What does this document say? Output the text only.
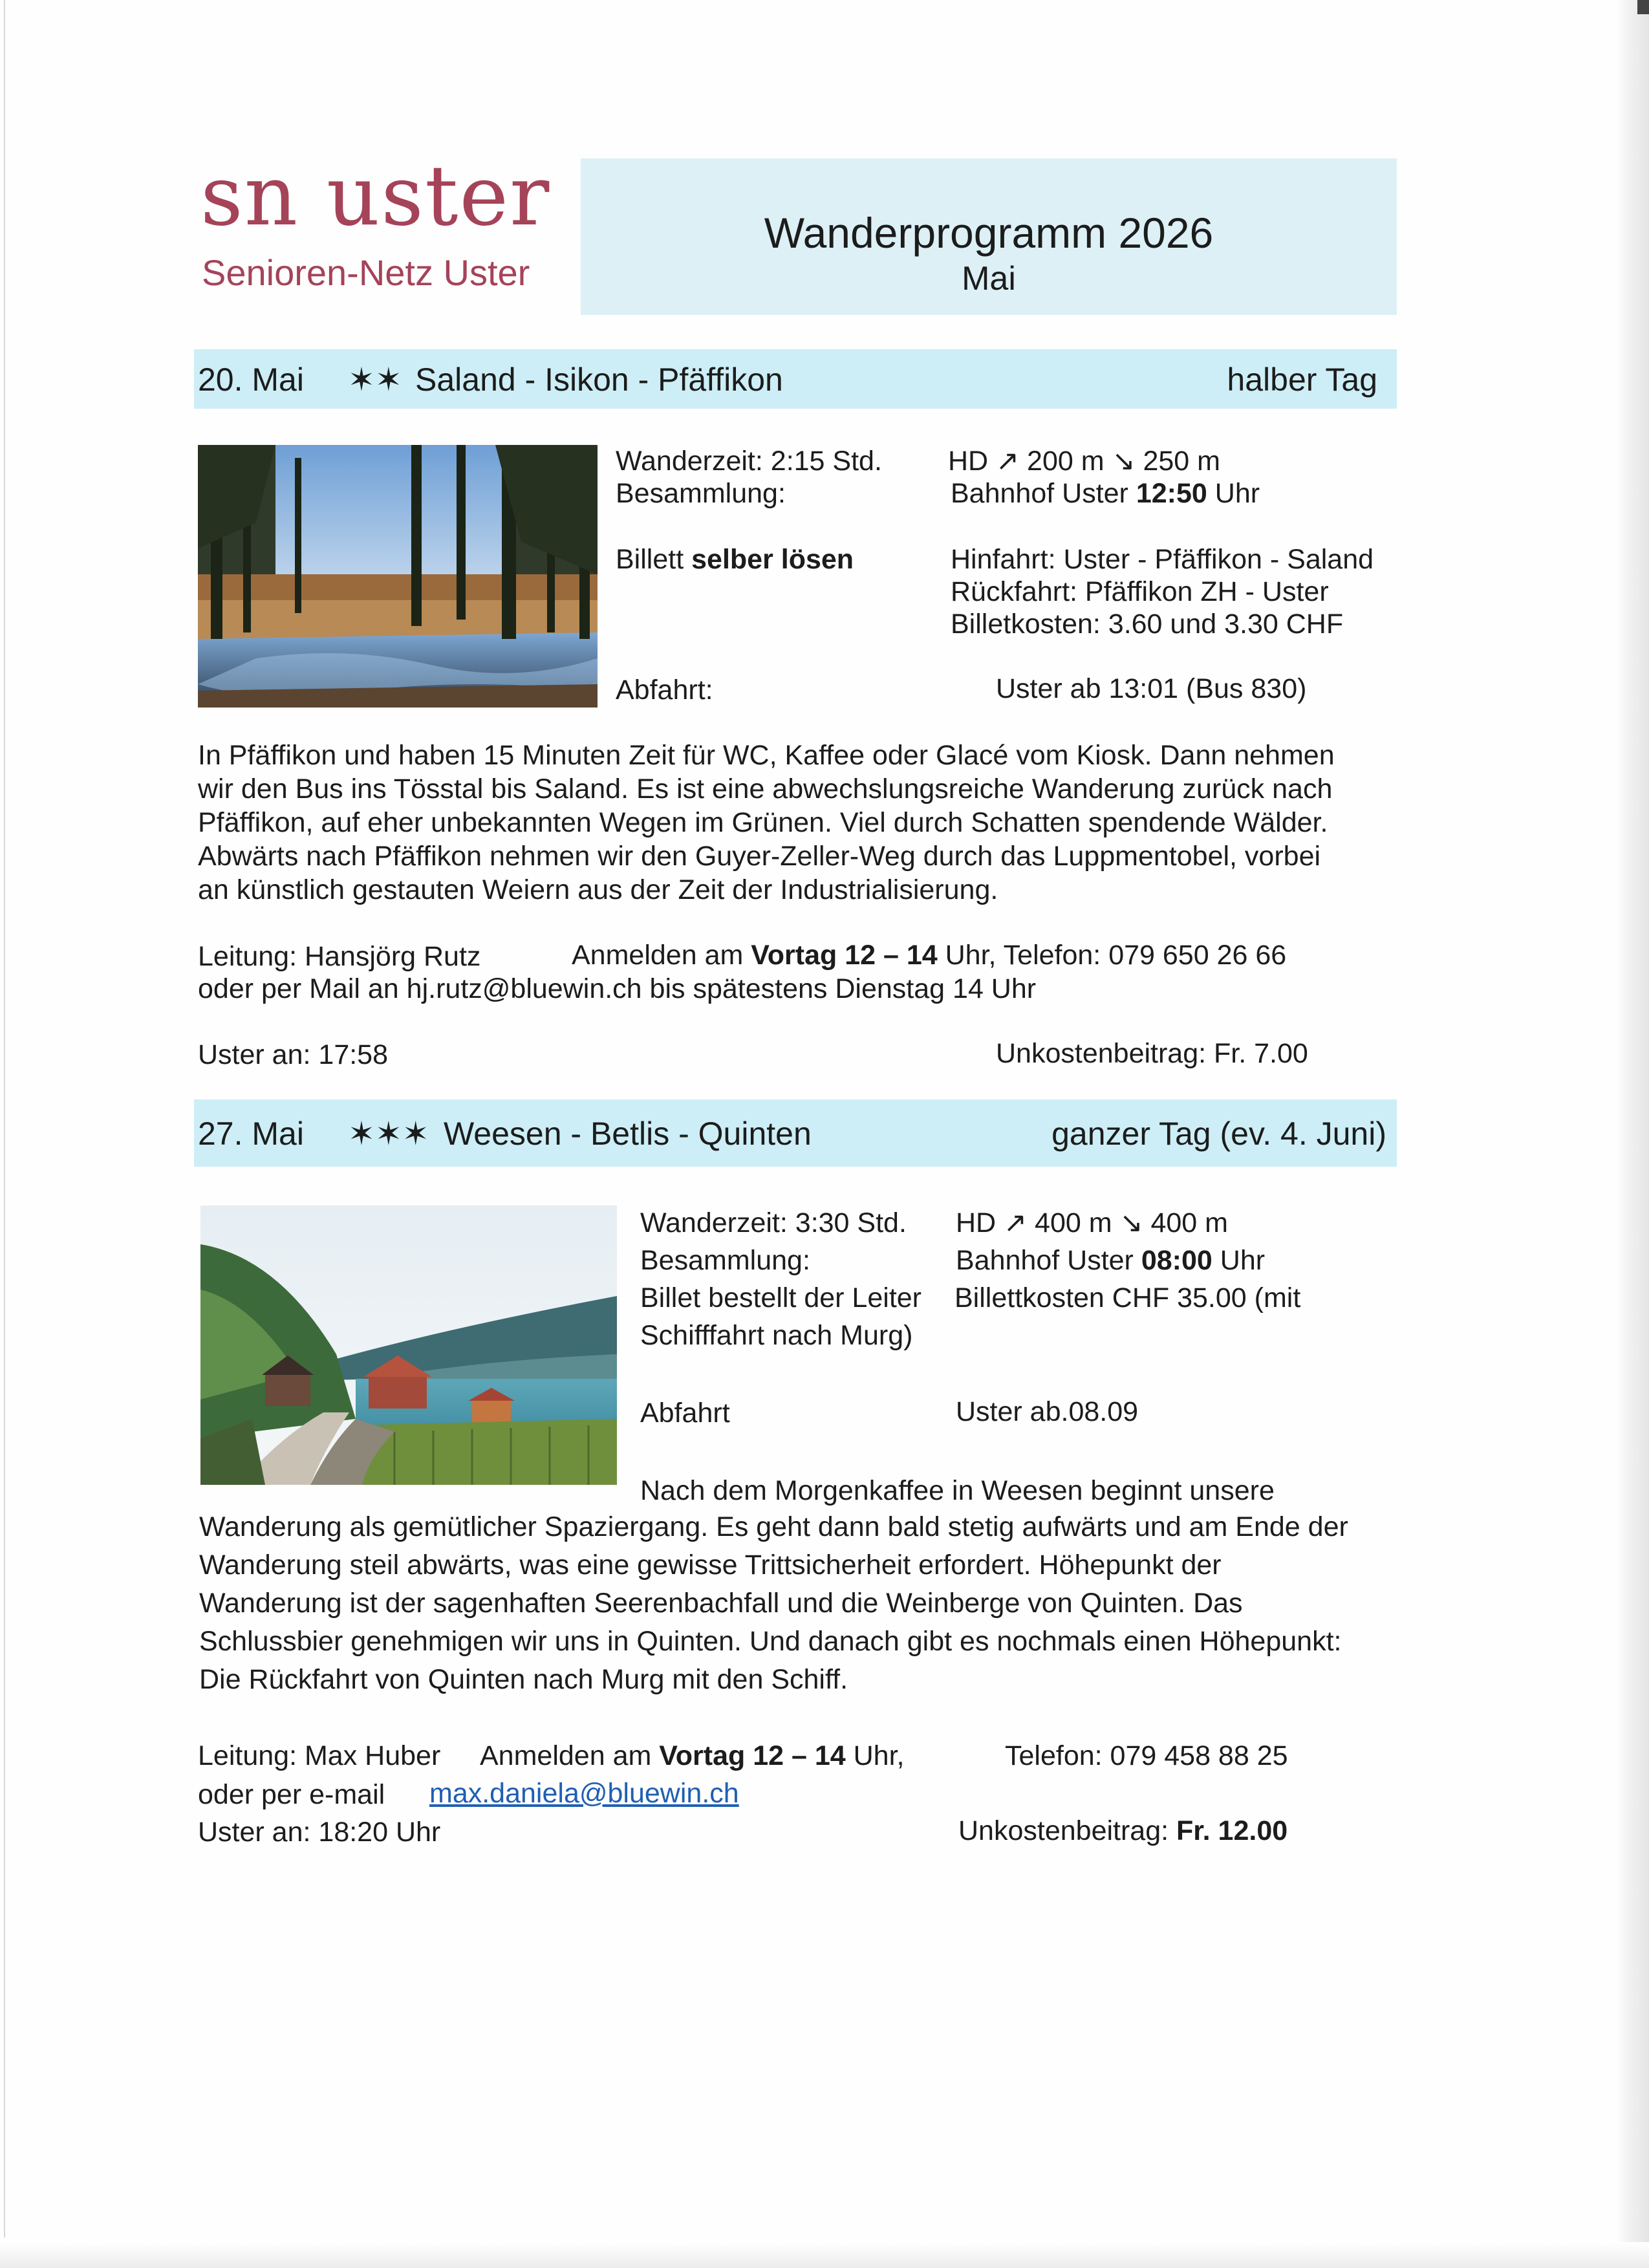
sn uster
Senioren-Netz Uster
Wanderprogramm 2026
Mai
20. Mai ✶✶ Saland - Isikon - Pfäffikon	halber Tag
Wanderzeit: 2:15 Std. HD ↗ 200 m ↘ 250 m
Besammlung:	Bahnhof Uster 12:50 Uhr
Billett selber lösen	Hinfahrt: Uster - Pfäffikon - Saland
Rückfahrt: Pfäffikon ZH - Uster
Billetkosten: 3.60 und 3.30 CHF
Abfahrt:	Uster ab 13:01 (Bus 830)
In Pfäffikon und haben 15 Minuten Zeit für WC, Kaffee oder Glacé vom Kiosk. Dann nehmen
wir den Bus ins Tösstal bis Saland. Es ist eine abwechslungsreiche Wanderung zurück nach
Pfäffikon, auf eher unbekannten Wegen im Grünen. Viel durch Schatten spendende Wälder.
Abwärts nach Pfäffikon nehmen wir den Guyer-Zeller-Weg durch das Luppmentobel, vorbei
an künstlich gestauten Weiern aus der Zeit der Industrialisierung.
Leitung: Hansjörg Rutz	Anmelden am Vortag 12 – 14 Uhr, Telefon: 079 650 26 66
oder per Mail an hj.rutz@bluewin.ch bis spätestens Dienstag 14 Uhr
Uster an: 17:58	Unkostenbeitrag: Fr. 7.00
27. Mai ✶✶✶ Weesen - Betlis - Quinten	ganzer Tag (ev. 4. Juni)
Wanderzeit: 3:30 Std. HD ↗ 400 m ↘ 400 m
Besammlung:	Bahnhof Uster 08:00 Uhr
Billet bestellt der Leiter Billettkosten CHF 35.00 (mit
Schifffahrt nach Murg)
Abfahrt	Uster ab.08.09
Nach dem Morgenkaffee in Weesen beginnt unsere
Wanderung als gemütlicher Spaziergang. Es geht dann bald stetig aufwärts und am Ende der
Wanderung steil abwärts, was eine gewisse Trittsicherheit erfordert. Höhepunkt der
Wanderung ist der sagenhaften Seerenbachfall und die Weinberge von Quinten. Das
Schlussbier genehmigen wir uns in Quinten. Und danach gibt es nochmals einen Höhepunkt:
Die Rückfahrt von Quinten nach Murg mit den Schiff.
Leitung: Max Huber Anmelden am Vortag 12 – 14 Uhr,	Telefon: 079 458 88 25
oder per e-mail max.daniela@bluewin.ch
Uster an: 18:20 Uhr	Unkostenbeitrag: Fr. 12.00
